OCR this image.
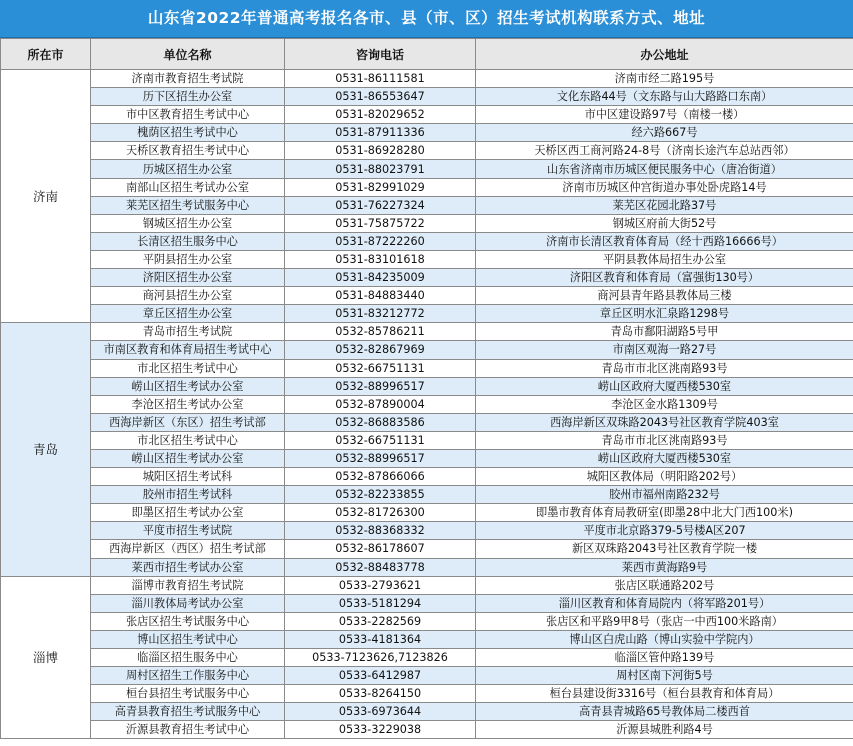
山东省2022年普通高考报名各市、县（市、区）招生考试机构联系方式、地址
所在市	单位名称	咨询电话	办公地址
济南	济南市教育招生考试院	0531-86111581	济南市经二路195号
	历下区招生办公室	0531-86553647	文化东路44号（文东路与山大路路口东南）
	市中区教育招生考试中心	0531-82029652	市中区建设路97号（南楼一楼）
	槐荫区招生考试中心	0531-87911336	经六路667号
	天桥区教育招生考试中心	0531-86928280	天桥区西工商河路24-8号（济南长途汽车总站西邻）
	历城区招生办公室	0531-88023791	山东省济南市历城区便民服务中心（唐冶街道）
	南部山区招生考试办公室	0531-82991029	济南市历城区仲宫街道办事处卧虎路14号
	莱芜区招生考试服务中心	0531-76227324	莱芜区花园北路37号
	钢城区招生办公室	0531-75875722	钢城区府前大街52号
	长清区招生服务中心	0531-87222260	济南市长清区教育体育局（经十西路16666号）
	平阴县招生办公室	0531-83101618	平阴县教体局招生办公室
	济阳区招生办公室	0531-84235009	济阳区教育和体育局（富强街130号）
	商河县招生办公室	0531-84883440	商河县青年路县教体局三楼
	章丘区招生办公室	0531-83212772	章丘区明水汇泉路1298号
青岛	青岛市招生考试院	0532-85786211	青岛市鄱阳湖路5号甲
	市南区教育和体育局招生考试中心	0532-82867969	市南区观海一路27号
	市北区招生考试中心	0532-66751131	青岛市市北区洮南路93号
	崂山区招生考试办公室	0532-88996517	崂山区政府大厦西楼530室
	李沧区招生考试办公室	0532-87890004	李沧区金水路1309号
	西海岸新区（东区）招生考试部	0532-86883586	西海岸新区双珠路2043号社区教育学院403室
	市北区招生考试中心	0532-66751131	青岛市市北区洮南路93号
	崂山区招生考试办公室	0532-88996517	崂山区政府大厦西楼530室
	城阳区招生考试科	0532-87866066	城阳区教体局（明阳路202号）
	胶州市招生考试科	0532-82233855	胶州市福州南路232号
	即墨区招生考试办公室	0532-81726300	即墨市教育体育局教研室(即墨28中北大门西100米)
	平度市招生考试院	0532-88368332	平度市北京路379-5号楼A区207
	西海岸新区（西区）招生考试部	0532-86178607	新区双珠路2043号社区教育学院一楼
	莱西市招生考试办公室	0532-88483778	莱西市黄海路9号
淄博	淄博市教育招生考试院	0533-2793621	张店区联通路202号
	淄川教体局考试办公室	0533-5181294	淄川区教育和体育局院内（将军路201号）
	张店区招生考试服务中心	0533-2282569	张店区和平路9甲8号（张店一中西100米路南）
	博山区招生考试中心	0533-4181364	博山区白虎山路（博山实验中学院内）
	临淄区招生服务中心	0533-7123626,7123826	临淄区管仲路139号
	周村区招生工作服务中心	0533-6412987	周村区南下河街5号
	桓台县招生考试服务中心	0533-8264150	桓台县建设街3316号（桓台县教育和体育局）
	高青县教育招生考试服务中心	0533-6973644	高青县青城路65号教体局二楼西首
	沂源县教育招生考试中心	0533-3229038	沂源县城胜利路4号
